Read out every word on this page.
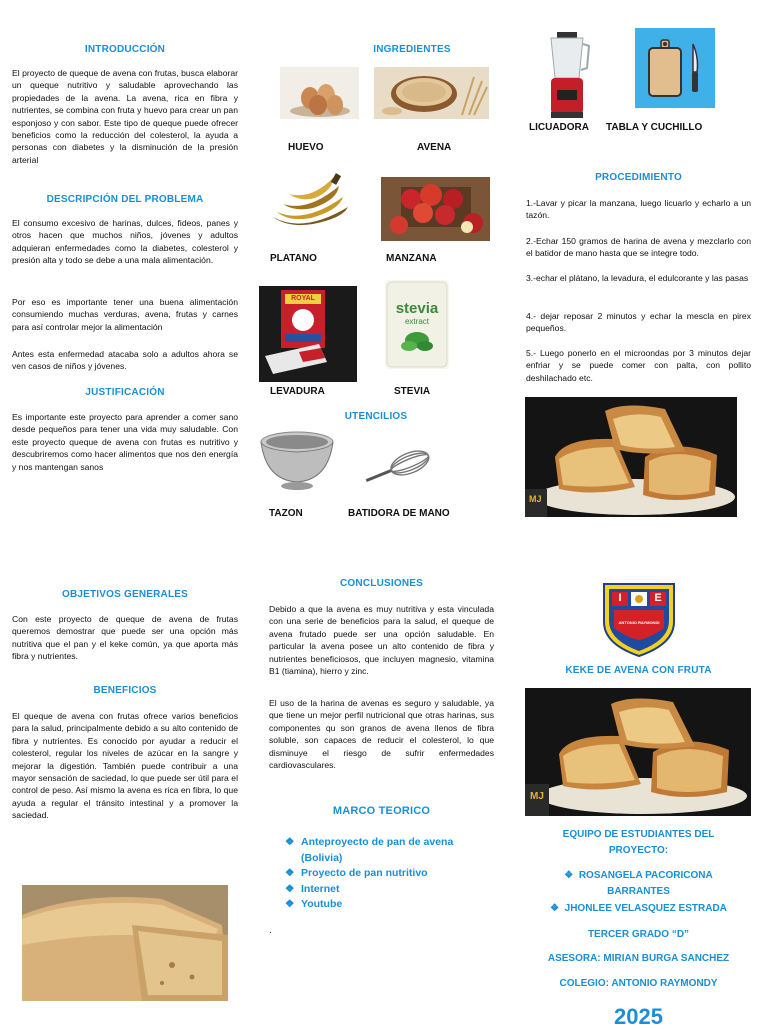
INTRODUCCIÓN

El proyecto de queque de avena con frutas, busca elaborar un queque nutritivo y saludable aprovechando las propiedades de la avena. La avena, rica en fibra y nutrientes, se combina con fruta y huevo para crear un pan esponjoso y con sabor. Este tipo de queque puede ofrecer beneficios como la reducción del colesterol, la ayuda a personas con diabetes y la disminución de la presión arterial

DESCRIPCIÓN DEL PROBLEMA

El consumo excesivo de harinas, dulces, fideos, panes y otros hacen que muchos niños, jóvenes y adultos adquieran enfermedades como la diabetes, colesterol y presión alta y todo se debe a una mala alimentación.

Por eso es importante tener una buena alimentación consumiendo muchas verduras, avena, frutas y carnes para así controlar mejor la alimentación

Antes esta enfermedad atacaba solo a adultos ahora se ven casos de niños y jóvenes.

JUSTIFICACIÓN

Es importante este proyecto para aprender a comer sano desde pequeños para tener una vida muy saludable. Con este proyecto queque de avena con frutas es nutritivo y descubriremos como hacer alimentos que nos den energía y nos mantengan sanos

INGREDIENTES
HUEVO	AVENA
PLATANO	MANZANA
ROYAL
stevia
extract
LEVADURA	STEVIA
UTENCILIOS
TAZON	BATIDORA DE MANO
LICUADORA TABLA Y CUCHILLO
PROCEDIMIENTO

1.-Lavar y picar la manzana, luego licuarlo y echarlo a un tazón.

2.-Echar 150 gramos de harina de avena y mezclarlo con el batidor de mano hasta que se integre todo.

3.-echar el plátano, la levadura, el edulcorante y las pasas

4.- dejar reposar 2 minutos y echar la mescla en pirex pequeños.

5.- Luego ponerlo en el microondas por 3 minutos dejar enfriar y se puede comer con palta, con pollito deshilachado etc.

MJ
OBJETIVOS GENERALES

Con este proyecto de queque de avena de frutas queremos demostrar que puede ser una opción más nutritiva que el pan y el keke común, ya que aporta más fibra y nutrientes.

BENEFICIOS

El queque de avena con frutas ofrece varios beneficios para la salud, principalmente debido a su alto contenido de fibra y nutrientes. Es conocido por ayudar a reducir el colesterol, regular los niveles de azúcar en la sangre y mejorar la digestión. También puede contribuir a una mayor sensación de saciedad, lo que puede ser útil para el control de peso. Así mismo la avena es rica en fibra, lo que ayuda a regular el tránsito intestinal y a promover la saciedad.

CONCLUSIONES

Debido a que la avena es muy nutritiva y esta vinculada con una serie de beneficios para la salud, el queque de avena frutado puede ser una opción saludable. En particular la avena posee un alto contenido de fibra y nutrientes beneficiosos, que incluyen magnesio, vitamina B1 (tiamina), hierro y zinc.

El uso de la harina de avenas es seguro y saludable, ya que tiene un mejor perfil nutricional que otras harinas, sus componentes qu son granos de avena llenos de fibra soluble, son capaces de reducir el colesterol, lo que disminuye el riesgo de sufrir enfermedades cardiovasculares.

MARCO TEORICO
❖ Anteproyecto de pan de avena (Bolivia)
❖ Proyecto de pan nutritivo
❖ Internet
❖ Youtube
.
I	E
ANTONIO RAYMONDI
KEKE DE AVENA CON FRUTA
MJ
EQUIPO DE ESTUDIANTES DEL PROYECTO:
❖  ROSANGELA PACORICONA BARRANTES
❖  JHONLEE VELASQUEZ ESTRADA
TERCER GRADO “D”
ASESORA: MIRIAN BURGA SANCHEZ
COLEGIO: ANTONIO RAYMONDY
2025
